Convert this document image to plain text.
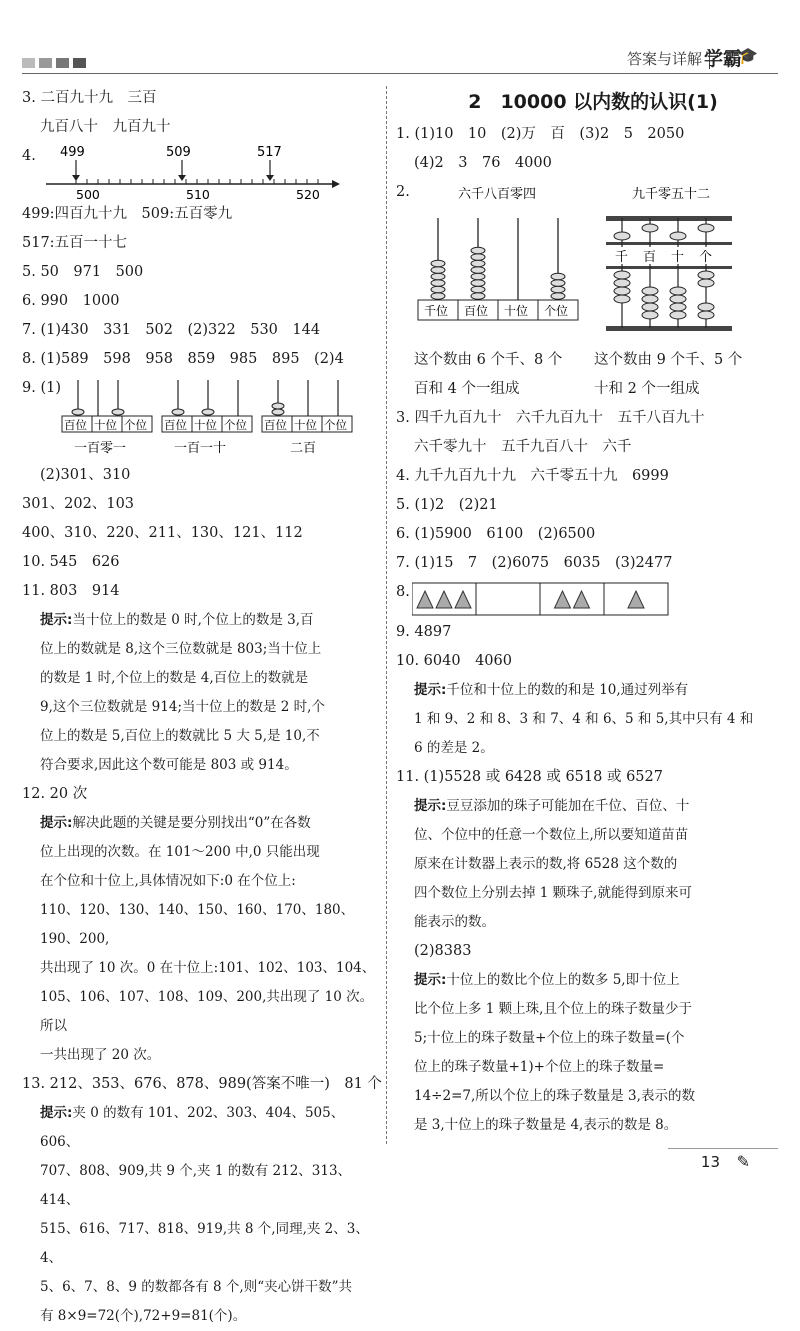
答案与详解 学霸
🎓
3. 二百九十九　三百
九百八十　九百九十
4. 499	509	517
500	510	520
499:四百九十九　509:五百零九
517:五百一十七
5. 50　971　500
6. 990　1000
7. (1)430　331　502　(2)322　530　144
8. (1)589　598　958　859　985　895　(2)4
9. (1)
百位 十位 个位
一百零一
百位 十位 个位
一百一十
百位 十位 个位
二百
(2)301、310
301、202、103
400、310、220、211、130、121、112
10. 545　626
11. 803　914
提示:当十位上的数是 0 时,个位上的数是 3,百
位上的数就是 8,这个三位数就是 803;当十位上
的数是 1 时,个位上的数是 4,百位上的数就是
9,这个三位数就是 914;当十位上的数是 2 时,个
位上的数是 5,百位上的数就比 5 大 5,是 10,不
符合要求,因此这个数可能是 803 或 914。
12. 20 次
提示:解决此题的关键是要分别找出“0”在各数
位上出现的次数。在 101～200 中,0 只能出现
在个位和十位上,具体情况如下:0 在个位上:
110、120、130、140、150、160、170、180、190、200,
共出现了 10 次。0 在十位上:101、102、103、104、
105、106、107、108、109、200,共出现了 10 次。所以
一共出现了 20 次。
13. 212、353、676、878、989(答案不唯一)　81 个
提示:夹 0 的数有 101、202、303、404、505、606、
707、808、909,共 9 个,夹 1 的数有 212、313、414、
515、616、717、818、919,共 8 个,同理,夹 2、3、4、
5、6、7、8、9 的数都各有 8 个,则“夹心饼干数”共
有 8×9=72(个),72+9=81(个)。
2　10000 以内数的认识(1)
1. (1)10　10　(2)万　百　(3)2　5　2050
(4)2　3　76　4000
2.	六千八百零四
千位 百位 十位 个位
九千零五十二
千 百 十 个
这个数由 6 个千、8 个
百和 4 个一组成
这个数由 9 个千、5 个
十和 2 个一组成
3. 四千九百九十　六千九百九十　五千八百九十
六千零九十　五千九百八十　六千
4. 九千九百九十九　六千零五十九　6999
5. (1)2　(2)21
6. (1)5900　6100　(2)6500
7. (1)15　7　(2)6075　6035　(3)2477
8.
9. 4897
10. 6040　4060
提示:千位和十位上的数的和是 10,通过列举有
1 和 9、2 和 8、3 和 7、4 和 6、5 和 5,其中只有 4 和
6 的差是 2。
11. (1)5528 或 6428 或 6518 或 6527
提示:豆豆添加的珠子可能加在千位、百位、十
位、个位中的任意一个数位上,所以要知道苗苗
原来在计数器上表示的数,将 6528 这个数的
四个数位上分别去掉 1 颗珠子,就能得到原来可
能表示的数。
(2)8383
提示:十位上的数比个位上的数多 5,即十位上
比个位上多 1 颗上珠,且个位上的珠子数量少于
5;十位上的珠子数量+个位上的珠子数量=(个
位上的珠子数量+1)+个位上的珠子数量=
14÷2=7,所以个位上的珠子数量是 3,表示的数
是 3,十位上的珠子数量是 4,表示的数是 8。
13 ✎
